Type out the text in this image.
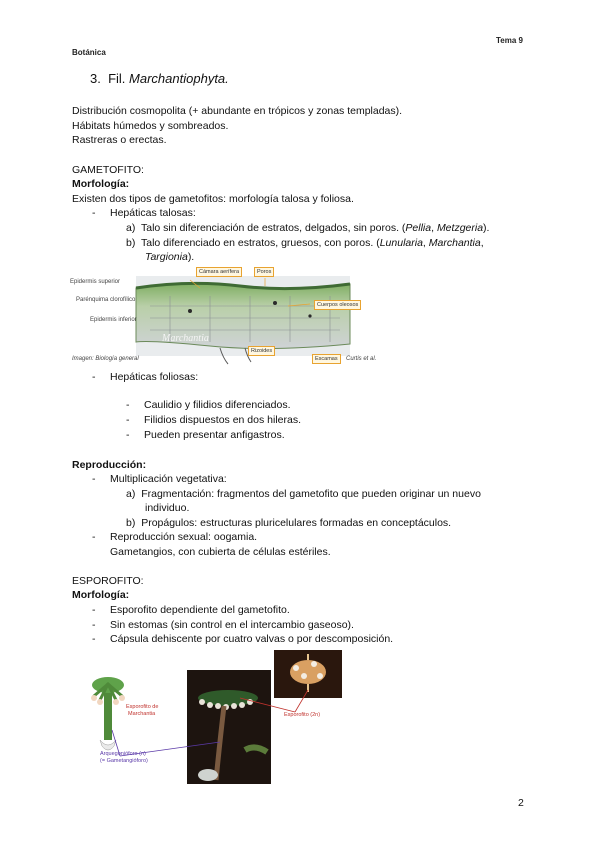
Botánica
Tema 9
3. Fil. Marchantiophyta.
Distribución cosmopolita (+ abundante en trópicos y zonas templadas).
Hábitats húmedos y sombreados.
Rastreras o erectas.
GAMETOFITO:
Morfología:
Existen dos tipos de gametofitos: morfología talosa y foliosa.
- Hepáticas talosas:
a) Talo sin diferenciación de estratos, delgados, sin poros. (Pellia, Metzgeria).
b) Talo diferenciado en estratos, gruesos, con poros. (Lunularia, Marchantia,
Targionia).
Epidermis superior
Parénquima clorofílico
Epidermis inferior
Cámara aerífera	Poros
Cuerpos oleosos
Rizoides
Escamas
Marchantia
Imagen: Biología general	Curtis et al.
- Hepáticas foliosas:
- Caulidio y filidios diferenciados.
- Filidios dispuestos en dos hileras.
- Pueden presentar anfigastros.
Reproducción:
- Multiplicación vegetativa:
a) Fragmentación: fragmentos del gametofito que pueden originar un nuevo
individuo.
b) Propágulos: estructuras pluricelulares formadas en conceptáculos.
- Reproducción sexual: oogamia.
Gametangios, con cubierta de células estériles.
ESPOROFITO:
Morfología:
- Esporofito dependiente del gametofito.
- Sin estomas (sin control en el intercambio gaseoso).
- Cápsula dehiscente por cuatro valvas o por descomposición.
Esporofito de
Marchantia	Esporofito (2n)
Arquegonióforo (n)
(= Gametangióforo)
2
